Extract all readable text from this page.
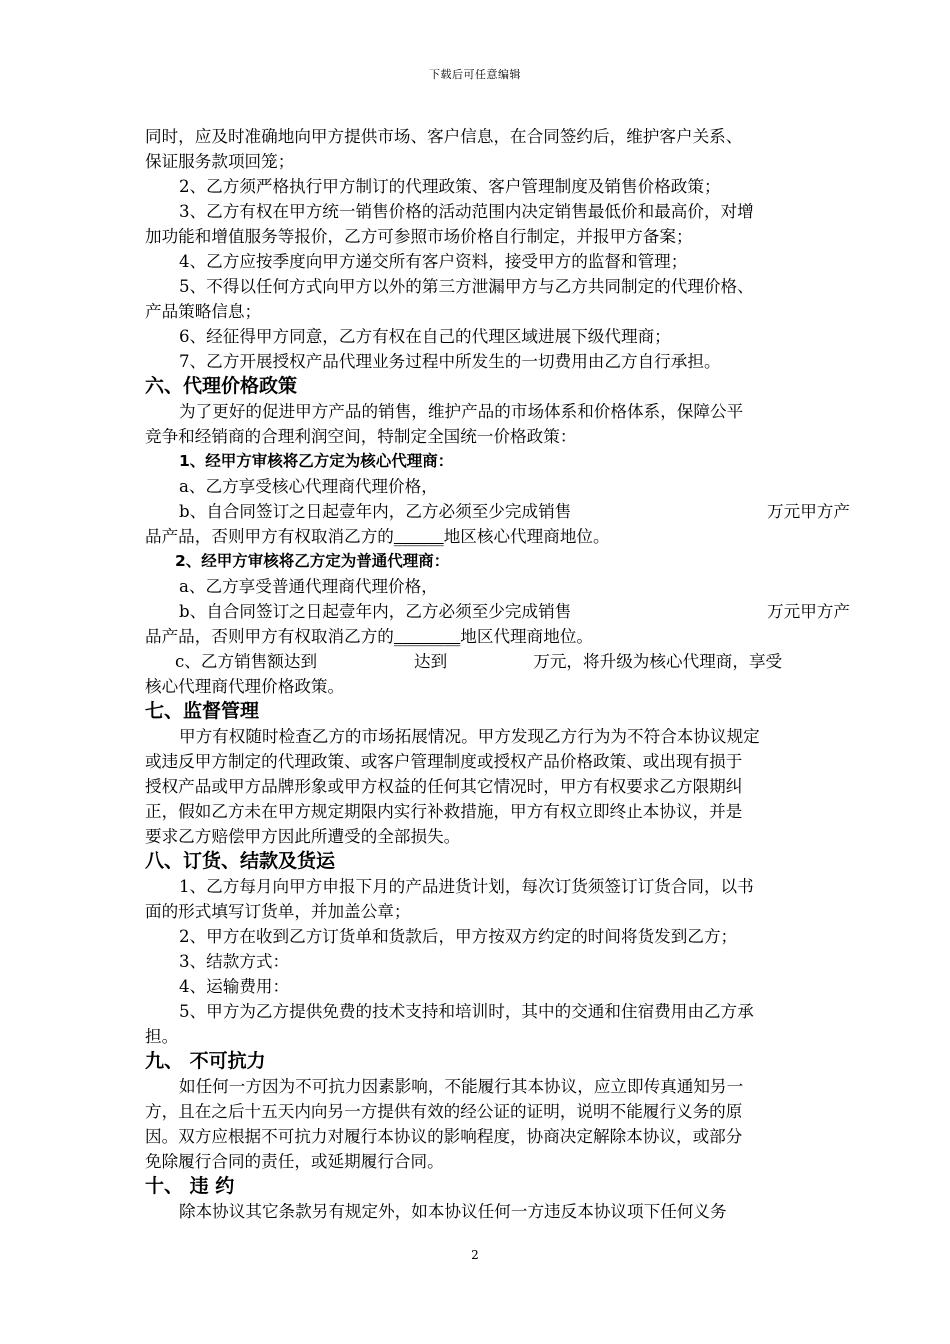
下载后可任意编辑
同时，应及时准确地向甲方提供市场、客户信息，在合同签约后，维护客户关系、
保证服务款项回笼；
2、乙方须严格执行甲方制订的代理政策、客户管理制度及销售价格政策；
3、乙方有权在甲方统一销售价格的活动范围内决定销售最低价和最高价，对增
加功能和增值服务等报价，乙方可参照市场价格自行制定，并报甲方备案；
4、乙方应按季度向甲方递交所有客户资料，接受甲方的监督和管理；
5、不得以任何方式向甲方以外的第三方泄漏甲方与乙方共同制定的代理价格、
产品策略信息；
6、经征得甲方同意，乙方有权在自己的代理区域进展下级代理商；
7、乙方开展授权产品代理业务过程中所发生的一切费用由乙方自行承担。
六、代理价格政策
为了更好的促进甲方产品的销售，维护产品的市场体系和价格体系，保障公平
竞争和经销商的合理利润空间，特制定全国统一价格政策：
1、经甲方审核将乙方定为核心代理商：
a、乙方享受核心代理商代理价格，
b、自合同签订之日起壹年内，乙方必须至少完成销售	万元甲方产
品产品，否则甲方有权取消乙方的______地区核心代理商地位。
2、经甲方审核将乙方定为普通代理商：
a、乙方享受普通代理商代理价格，
b、自合同签订之日起壹年内，乙方必须至少完成销售	万元甲方产
品产品，否则甲方有权取消乙方的________地区代理商地位。
c、乙方销售额达到	达到	万元，将升级为核心代理商，享受
核心代理商代理价格政策。
七、监督管理
甲方有权随时检查乙方的市场拓展情况。甲方发现乙方行为为不符合本协议规定
或违反甲方制定的代理政策、或客户管理制度或授权产品价格政策、或出现有损于
授权产品或甲方品牌形象或甲方权益的任何其它情况时，甲方有权要求乙方限期纠
正，假如乙方未在甲方规定期限内实行补救措施，甲方有权立即终止本协议，并是
要求乙方赔偿甲方因此所遭受的全部损失。
八、订货、结款及货运
1、乙方每月向甲方申报下月的产品进货计划，每次订货须签订订货合同，以书
面的形式填写订货单，并加盖公章；
2、甲方在收到乙方订货单和货款后，甲方按双方约定的时间将货发到乙方；
3、结款方式：
4、运输费用：
5、甲方为乙方提供免费的技术支持和培训时，其中的交通和住宿费用由乙方承
担。
九、 不可抗力
如任何一方因为不可抗力因素影响，不能履行其本协议，应立即传真通知另一
方，且在之后十五天内向另一方提供有效的经公证的证明，说明不能履行义务的原
因。双方应根据不可抗力对履行本协议的影响程度，协商决定解除本协议，或部分
免除履行合同的责任，或延期履行合同。
十、 违 约
除本协议其它条款另有规定外，如本协议任何一方违反本协议项下任何义务
2
